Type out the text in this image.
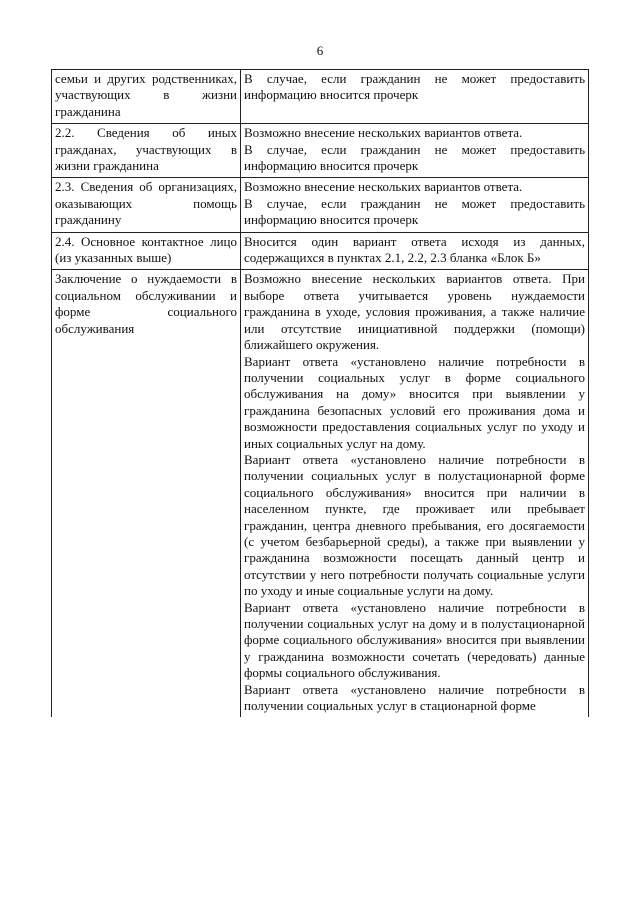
6
семьи и других родственниках, участвующих в жизни гражданина	В случае, если гражданин не может предоставить информацию вносится прочерк

2.2. Сведения об иных гражданах, участвующих в жизни гражданина	Возможно внесение нескольких вариантов ответа.
В случае, если гражданин не может предоставить информацию вносится прочерк

2.3. Сведения об организациях, оказывающих помощь гражданину	Возможно внесение нескольких вариантов ответа.
В случае, если гражданин не может предоставить информацию вносится прочерк

2.4. Основное контактное лицо (из указанных выше)	Вносится один вариант ответа исходя из данных, содержащихся в пунктах 2.1, 2.2, 2.3 бланка «Блок Б»

Заключение о нуждаемости в социальном обслуживании и форме социального обслуживания	Возможно внесение нескольких вариантов ответа. При выборе ответа учитывается уровень нуждаемости гражданина в уходе, условия проживания, а также наличие или отсутствие инициативной поддержки (помощи) ближайшего окружения.
Вариант ответа «установлено наличие потребности в получении социальных услуг в форме социального обслуживания на дому» вносится при выявлении у гражданина безопасных условий его проживания дома и возможности предоставления социальных услуг по уходу и иных социальных услуг на дому.
Вариант ответа «установлено наличие потребности в получении социальных услуг в полустационарной форме социального обслуживания» вносится при наличии в населенном пункте, где проживает или пребывает гражданин, центра дневного пребывания, его досягаемости (с учетом безбарьерной среды), а также при выявлении у гражданина возможности посещать данный центр и отсутствии у него потребности получать социальные услуги по уходу и иные социальные услуги на дому.
Вариант ответа «установлено наличие потребности в получении социальных услуг на дому и в полустационарной форме социального обслуживания» вносится при выявлении у гражданина возможности сочетать (чередовать) данные формы социального обслуживания.
Вариант ответа «установлено наличие потребности в получении социальных услуг в стационарной форме
